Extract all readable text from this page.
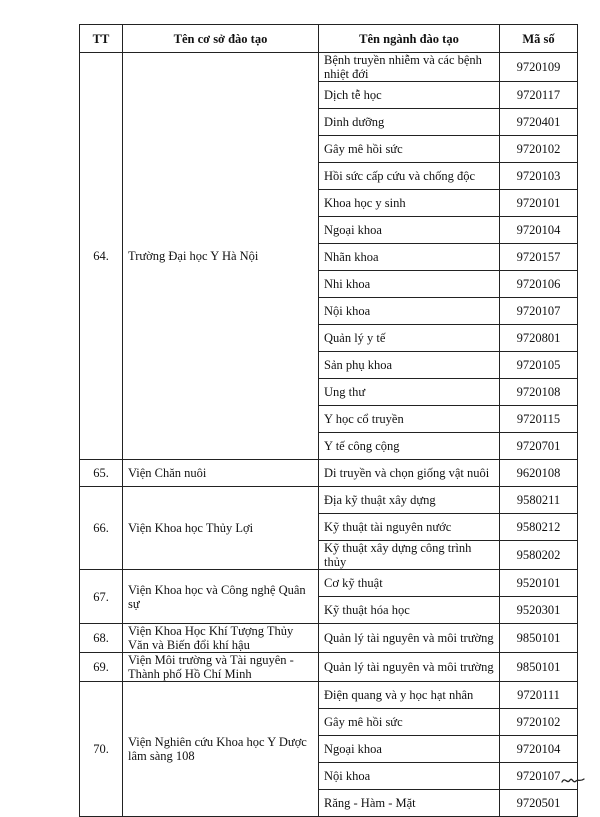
TT	Tên cơ sở đào tạo	Tên ngành đào tạo	Mã số
64.	Trường Đại học Y Hà Nội	Bệnh truyền nhiễm và các bệnh nhiệt đới	9720109
		Dịch tễ học	9720117
		Dinh dưỡng	9720401
		Gây mê hồi sức	9720102
		Hồi sức cấp cứu và chống độc	9720103
		Khoa học y sinh	9720101
		Ngoại khoa	9720104
		Nhãn khoa	9720157
		Nhi khoa	9720106
		Nội khoa	9720107
		Quản lý y tế	9720801
		Sản phụ khoa	9720105
		Ung thư	9720108
		Y học cổ truyền	9720115
		Y tế công cộng	9720701
65.	Viện Chăn nuôi	Di truyền và chọn giống vật nuôi	9620108
66.	Viện Khoa học Thủy Lợi	Địa kỹ thuật xây dựng	9580211
		Kỹ thuật tài nguyên nước	9580212
		Kỹ thuật xây dựng công trình thủy	9580202
67.	Viện Khoa học và Công nghệ Quân sự	Cơ kỹ thuật	9520101
		Kỹ thuật hóa học	9520301
68.	Viện Khoa Học Khí Tượng Thủy Văn và Biến đổi khí hậu	Quản lý tài nguyên và môi trường	9850101
69.	Viện Môi trường và Tài nguyên - Thành phố Hồ Chí Minh	Quản lý tài nguyên và môi trường	9850101
70.	Viện Nghiên cứu Khoa học Y Dược lâm sàng 108	Điện quang và y học hạt nhân	9720111
		Gây mê hồi sức	9720102
		Ngoại khoa	9720104
		Nội khoa	9720107
		Răng - Hàm - Mặt	9720501
